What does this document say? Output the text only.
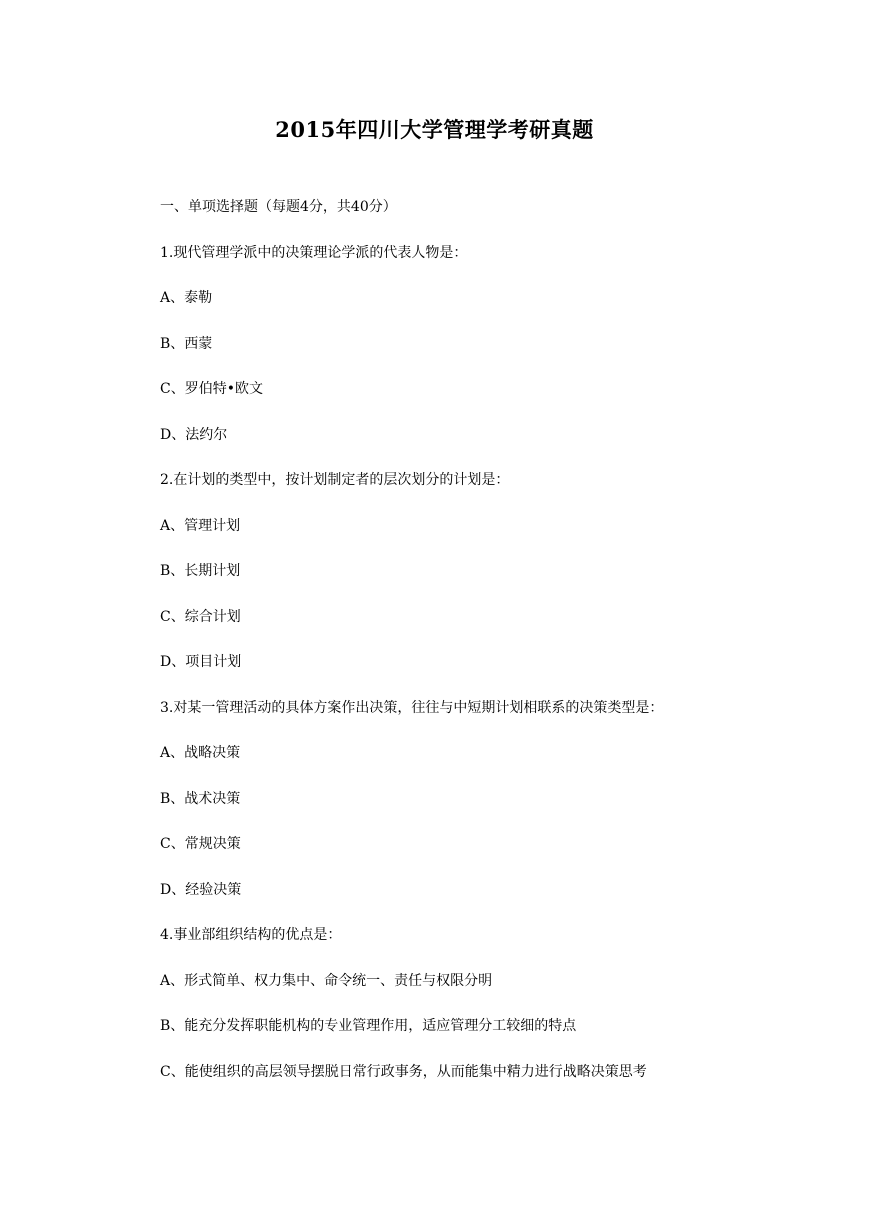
2015年四川大学管理学考研真题
一、单项选择题（每题4分，共40分）
1.现代管理学派中的决策理论学派的代表人物是：
A、泰勒
B、西蒙
C、罗伯特•欧文
D、法约尔
2.在计划的类型中，按计划制定者的层次划分的计划是：
A、管理计划
B、长期计划
C、综合计划
D、项目计划
3.对某一管理活动的具体方案作出决策，往往与中短期计划相联系的决策类型是：
A、战略决策
B、战术决策
C、常规决策
D、经验决策
4.事业部组织结构的优点是：
A、形式简单、权力集中、命令统一、责任与权限分明
B、能充分发挥职能机构的专业管理作用，适应管理分工较细的特点
C、能使组织的高层领导摆脱日常行政事务，从而能集中精力进行战略决策思考
